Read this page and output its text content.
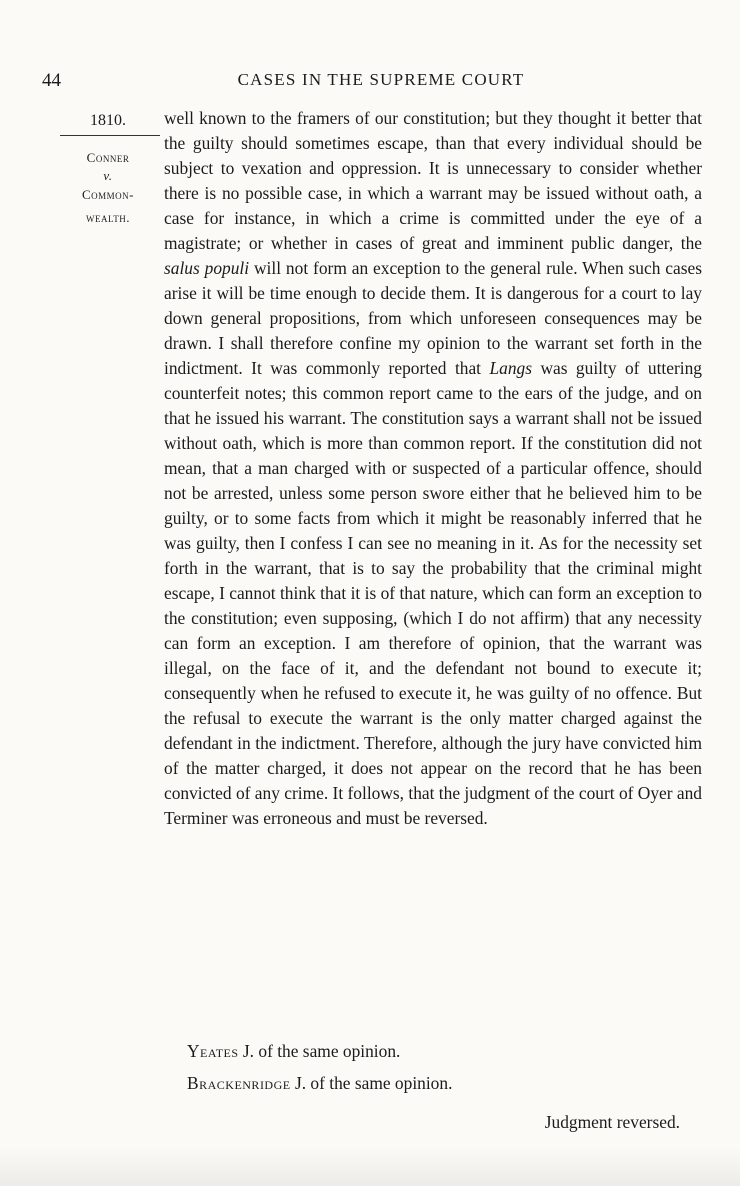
44	CASES IN THE SUPREME COURT
1810.
Conner
v.
Common-
wealth.

well known to the framers of our constitution; but they thought it better that the guilty should sometimes escape, than that every individual should be subject to vexation and oppression. It is unnecessary to consider whether there is no possible case, in which a warrant may be issued without oath, a case for instance, in which a crime is committed under the eye of a magistrate; or whether in cases of great and imminent public danger, the salus populi will not form an exception to the general rule. When such cases arise it will be time enough to decide them. It is dangerous for a court to lay down general propositions, from which unforeseen consequences may be drawn. I shall therefore confine my opinion to the warrant set forth in the indictment. It was commonly reported that Langs was guilty of uttering counterfeit notes; this common report came to the ears of the judge, and on that he issued his warrant. The constitution says a warrant shall not be issued without oath, which is more than common report. If the constitution did not mean, that a man charged with or suspected of a particular offence, should not be arrested, unless some person swore either that he believed him to be guilty, or to some facts from which it might be reasonably inferred that he was guilty, then I confess I can see no meaning in it. As for the necessity set forth in the warrant, that is to say the probability that the criminal might escape, I cannot think that it is of that nature, which can form an exception to the constitution; even supposing, (which I do not affirm) that any necessity can form an exception. I am therefore of opinion, that the warrant was illegal, on the face of it, and the defendant not bound to execute it; consequently when he refused to execute it, he was guilty of no offence. But the refusal to execute the warrant is the only matter charged against the defendant in the indictment. Therefore, although the jury have convicted him of the matter charged, it does not appear on the record that he has been convicted of any crime. It follows, that the judgment of the court of Oyer and Terminer was erroneous and must be reversed.

Yeates J. of the same opinion.
Brackenridge J. of the same opinion.
Judgment reversed.
